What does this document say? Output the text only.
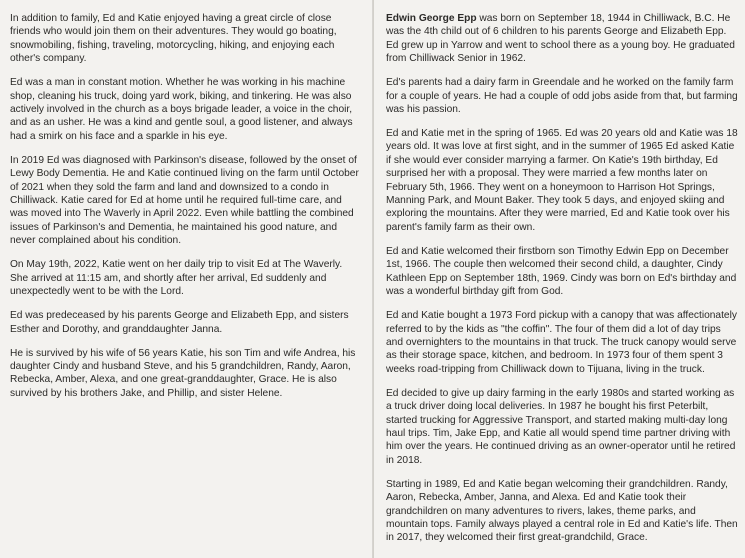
In addition to family, Ed and Katie enjoyed having a great circle of close friends who would join them on their adventures. They would go boating, snowmobiling, fishing, traveling, motorcycling, hiking, and enjoying each other's company.

Ed was a man in constant motion. Whether he was working in his machine shop, cleaning his truck, doing yard work, biking, and tinkering. He was also actively involved in the church as a boys brigade leader, a voice in the choir, and as an usher. He was a kind and gentle soul, a good listener, and always had a smirk on his face and a sparkle in his eye.

In 2019 Ed was diagnosed with Parkinson's disease, followed by the onset of Lewy Body Dementia. He and Katie continued living on the farm until October of 2021 when they sold the farm and land and downsized to a condo in Chilliwack. Katie cared for Ed at home until he required full-time care, and was moved into The Waverly in April 2022. Even while battling the combined issues of Parkinson's and Dementia, he maintained his good nature, and never complained about his condition.

On May 19th, 2022, Katie went on her daily trip to visit Ed at The Waverly. She arrived at 11:15 am, and shortly after her arrival, Ed suddenly and unexpectedly went to be with the Lord.

Ed was predeceased by his parents George and Elizabeth Epp, and sisters Esther and Dorothy, and granddaughter Janna.

He is survived by his wife of 56 years Katie, his son Tim and wife Andrea, his daughter Cindy and husband Steve, and his 5 grandchildren, Randy, Aaron, Rebecka, Amber, Alexa, and one great-granddaughter, Grace. He is also survived by his brothers Jake, and Phillip, and sister Helene.

Edwin George Epp was born on September 18, 1944 in Chilliwack, B.C. He was the 4th child out of 6 children to his parents George and Elizabeth Epp. Ed grew up in Yarrow and went to school there as a young boy. He graduated from Chilliwack Senior in 1962.

Ed's parents had a dairy farm in Greendale and he worked on the family farm for a couple of years. He had a couple of odd jobs aside from that, but farming was his passion.

Ed and Katie met in the spring of 1965. Ed was 20 years old and Katie was 18 years old. It was love at first sight, and in the summer of 1965 Ed asked Katie if she would ever consider marrying a farmer. On Katie's 19th birthday, Ed surprised her with a proposal. They were married a few months later on February 5th, 1966. They went on a honeymoon to Harrison Hot Springs, Manning Park, and Mount Baker. They took 5 days, and enjoyed skiing and exploring the mountains. After they were married, Ed and Katie took over his parent's family farm as their own.

Ed and Katie welcomed their firstborn son Timothy Edwin Epp on December 1st, 1966. The couple then welcomed their second child, a daughter, Cindy Kathleen Epp on September 18th, 1969. Cindy was born on Ed's birthday and was a wonderful birthday gift from God.

Ed and Katie bought a 1973 Ford pickup with a canopy that was affectionately referred to by the kids as "the coffin". The four of them did a lot of day trips and overnighters to the mountains in that truck. The truck canopy would serve as their storage space, kitchen, and bedroom. In 1973 four of them spent 3 weeks road-tripping from Chilliwack down to Tijuana, living in the truck.

Ed decided to give up dairy farming in the early 1980s and started working as a truck driver doing local deliveries. In 1987 he bought his first Peterbilt, started trucking for Aggressive Transport, and started making multi-day long haul trips. Tim, Jake Epp, and Katie all would spend time partner driving with him over the years. He continued driving as an owner-operator until he retired in 2018.

Starting in 1989, Ed and Katie began welcoming their grandchildren. Randy, Aaron, Rebecka, Amber, Janna, and Alexa. Ed and Katie took their grandchildren on many adventures to rivers, lakes, theme parks, and mountain tops. Family always played a central role in Ed and Katie's life. Then in 2017, they welcomed their first great-grandchild, Grace.
